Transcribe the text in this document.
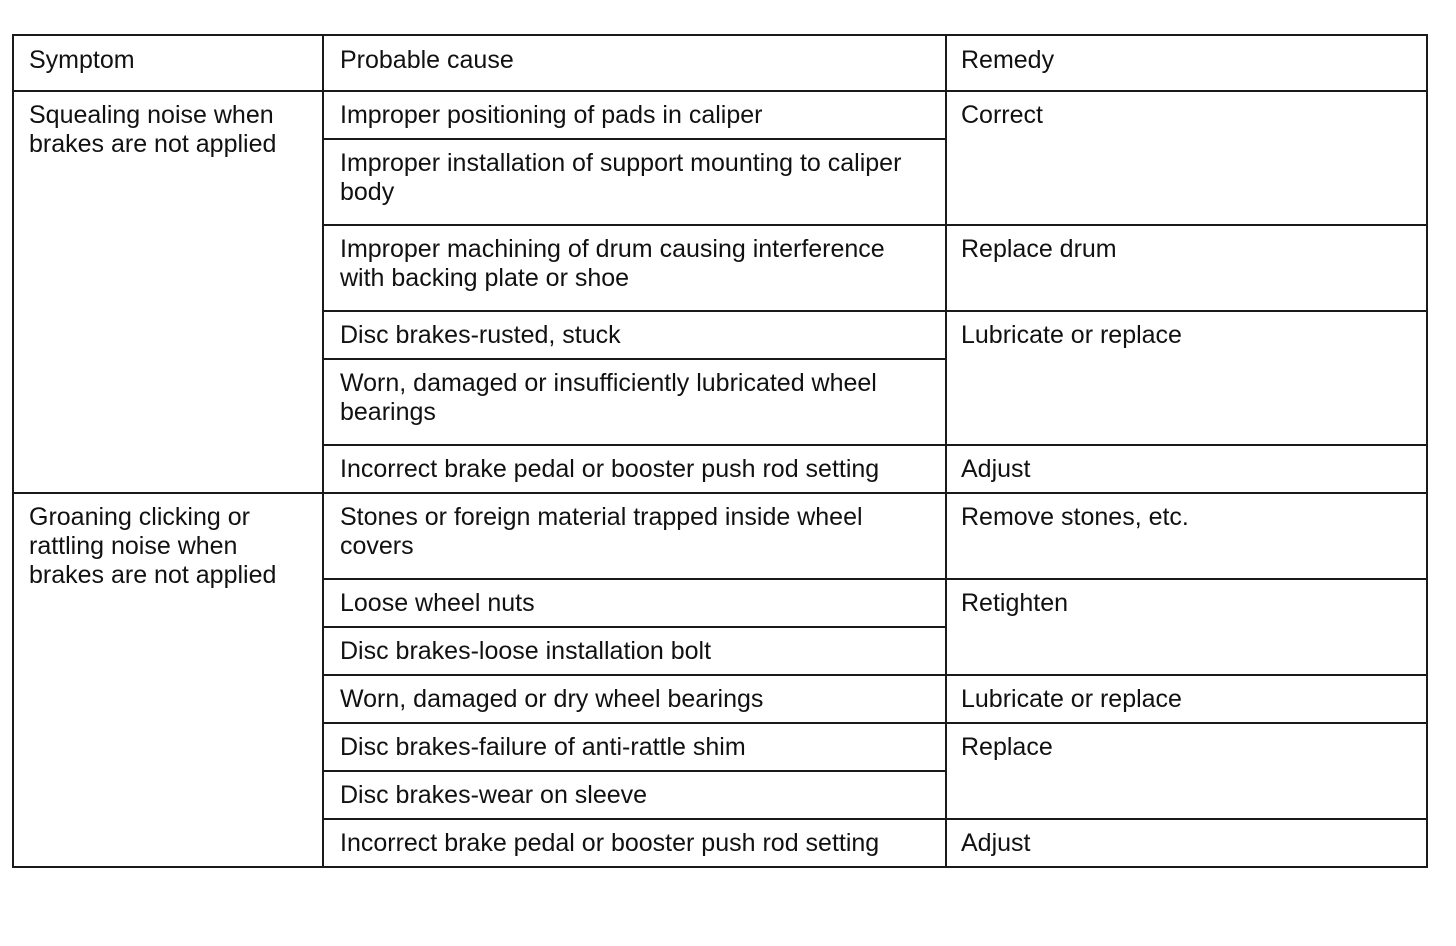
Symptom	Probable cause	Remedy
Squealing noise when brakes are not applied	Improper positioning of pads in caliper	Correct
	Improper installation of support mounting to caliper body	
	Improper machining of drum causing interference with backing plate or shoe	Replace drum
	Disc brakes-rusted, stuck	Lubricate or replace
	Worn, damaged or insufficiently lubricated wheel bearings	
	Incorrect brake pedal or booster push rod setting	Adjust
Groaning clicking or rattling noise when brakes are not applied	Stones or foreign material trapped inside wheel covers	Remove stones, etc.
	Loose wheel nuts	Retighten
	Disc brakes-loose installation bolt	
	Worn, damaged or dry wheel bearings	Lubricate or replace
	Disc brakes-failure of anti-rattle shim	Replace
	Disc brakes-wear on sleeve	
	Incorrect brake pedal or booster push rod setting	Adjust
